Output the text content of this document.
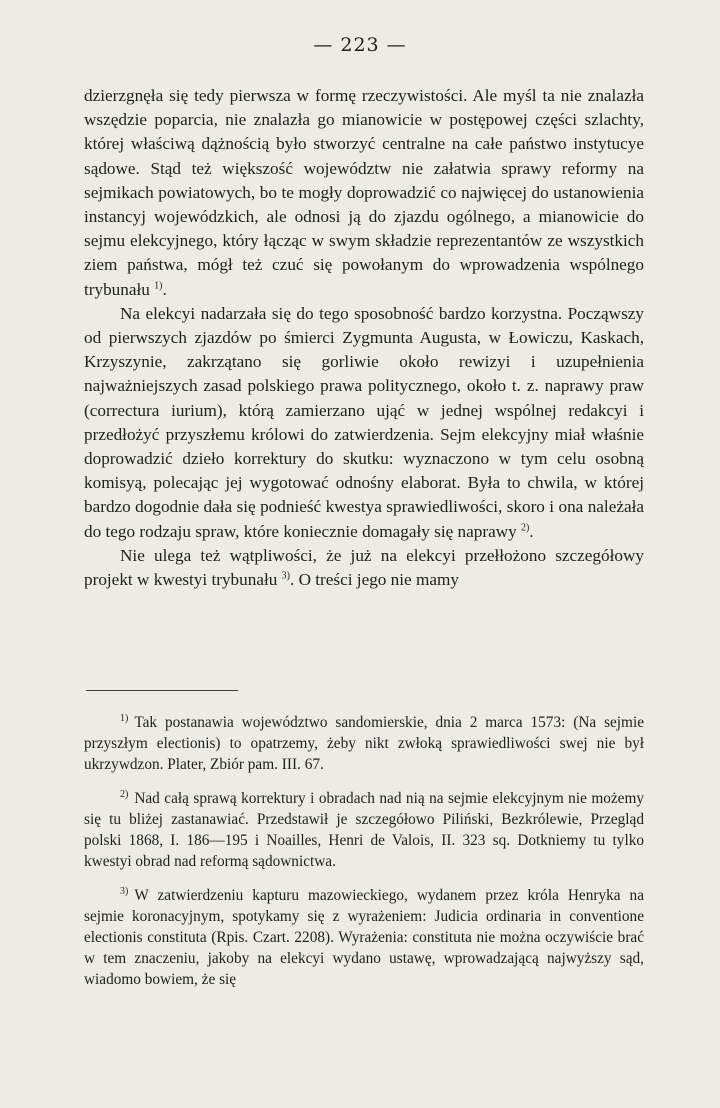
— 223 —

dzierzgnęła się tedy pierwsza w formę rzeczywistości. Ale myśl ta nie znalazła wszędzie poparcia, nie znalazła go mianowicie w postępowej części szlachty, której właściwą dążnością było stworzyć centralne na całe państwo instytucye sądowe. Stąd też większość województw nie załatwia sprawy reformy na sejmikach powiatowych, bo te mogły doprowadzić co najwięcej do ustanowienia instancyj wojewódzkich, ale odnosi ją do zjazdu ogólnego, a mianowicie do sejmu elekcyjnego, który łącząc w swym składzie reprezentantów ze wszystkich ziem państwa, mógł też czuć się powołanym do wprowadzenia wspólnego trybunału $^{1)}$.

Na elekcyi nadarzała się do tego sposobność bardzo korzystna. Począwszy od pierwszych zjazdów po śmierci Zygmunta Augusta, w Łowiczu, Kaskach, Krzyszynie, zakrzątano się gorliwie około rewizyi i uzupełnienia najważniejszych zasad polskiego prawa politycznego, około t. z. naprawy praw (correctura iurium), którą zamierzano ująć w jednej wspólnej redakcyi i przedłożyć przyszłemu królowi do zatwierdzenia. Sejm elekcyjny miał właśnie doprowadzić dzieło korrektury do skutku: wyznaczono w tym celu osobną komisyą, polecając jej wygotować odnośny elaborat. Była to chwila, w której bardzo dogodnie dała się podnieść kwestya sprawiedliwości, skoro i ona należała do tego rodzaju spraw, które koniecznie domagały się naprawy $^{2)}$.

Nie ulega też wątpliwości, że już na elekcyi przełłożono szczegółowy projekt w kwestyi trybunału $^{3)}$. O treści jego nie mamy

$^{1)}$ Tak postanawia województwo sandomierskie, dnia 2 marca 1573: (Na sejmie przyszłym electionis) to opatrzemy, żeby nikt zwłoką sprawiedliwości swej nie był ukrzywdzon. Plater, Zbiór pam. III. 67.

$^{2)}$ Nad całą sprawą korrektury i obradach nad nią na sejmie elekcyjnym nie możemy się tu bliżej zastanawiać. Przedstawił je szczegółowo Piliński, Bezkrólewie, Przegląd polski 1868, I. 186—195 i Noailles, Henri de Valois, II. 323 sq. Dotkniemy tu tylko kwestyi obrad nad reformą sądownictwa.

$^{3)}$ W zatwierdzeniu kapturu mazowieckiego, wydanem przez króla Henryka na sejmie koronacyjnym, spotykamy się z wyrażeniem: Judicia ordinaria in conventione electionis constituta (Rpis. Czart. 2208). Wyrażenia: constituta nie można oczywiście brać w tem znaczeniu, jakoby na elekcyi wydano ustawę, wprowadzającą najwyższy sąd, wiadomo bowiem, że się
